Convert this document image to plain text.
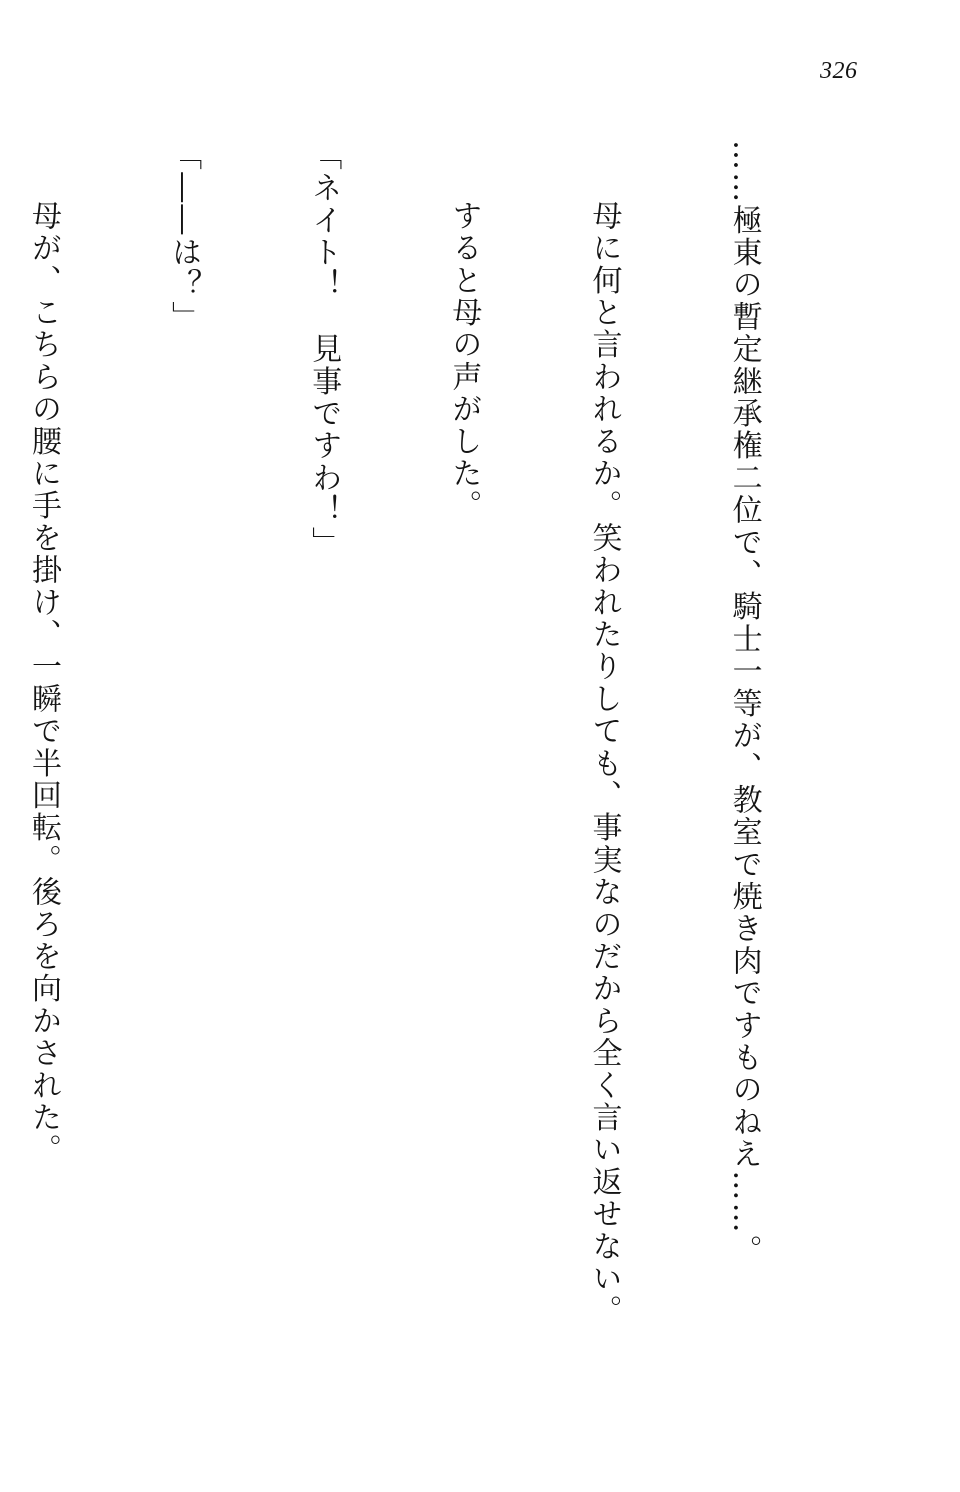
326

……極東の暫定継承権二位で、騎士一等が、教室で焼き肉ですものねえ……。

母に何と言われるか。笑われたりしても、事実なのだから全く言い返せない。

すると母の声がした。

「ネイト！　見事ですわ！」

「――は？」

母が、こちらの腰に手を掛け、一瞬で半回転。後ろを向かされた。
